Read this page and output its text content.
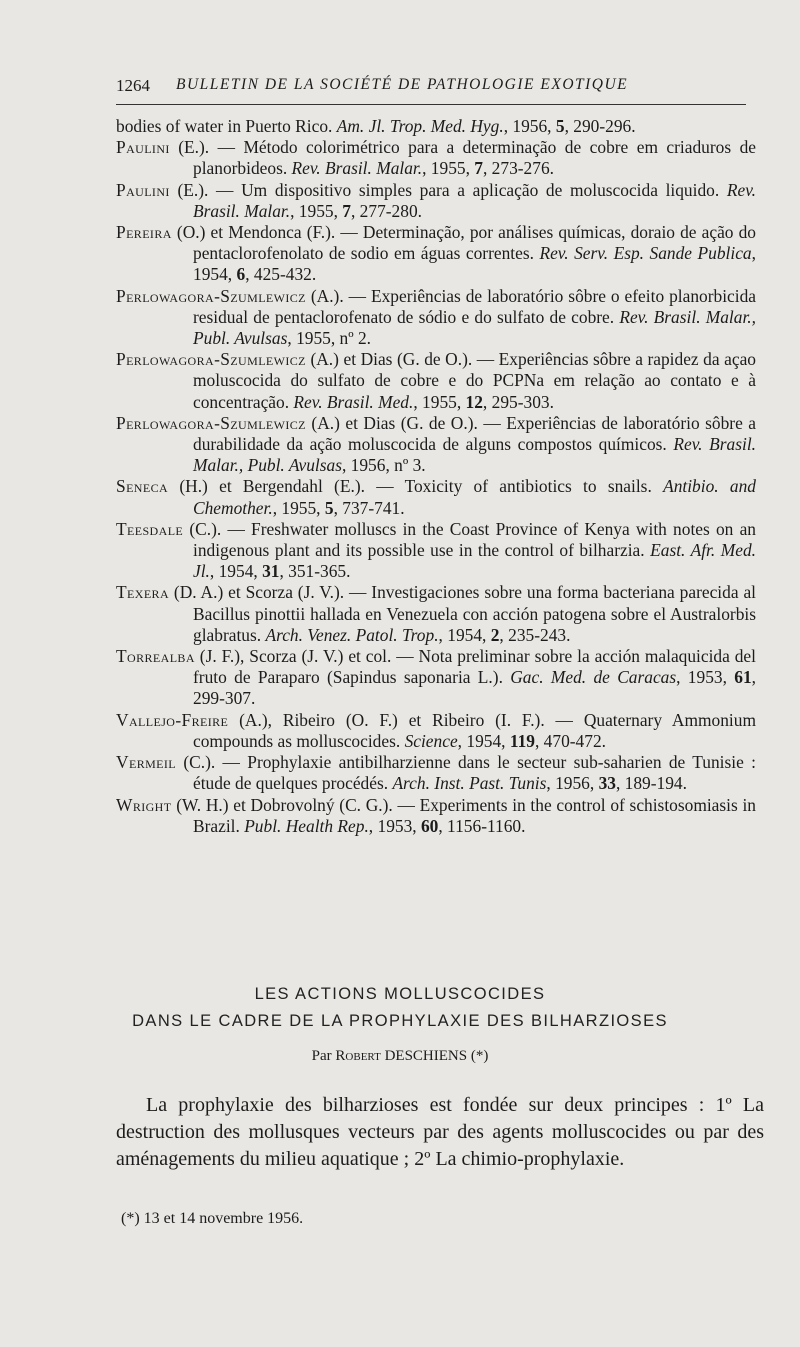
1264 BULLETIN DE LA SOCIÉTÉ DE PATHOLOGIE EXOTIQUE
bodies of water in Puerto Rico. Am. Jl. Trop. Med. Hyg., 1956, 5, 290-296.
Paulini (E.). — Método colorimétrico para a determinação de cobre em criaduros de planorbideos. Rev. Brasil. Malar., 1955, 7, 273-276.
Paulini (E.). — Um dispositivo simples para a aplicação de moluscocida liquido. Rev. Brasil. Malar., 1955, 7, 277-280.
Pereira (O.) et Mendonca (F.). — Determinação, por análises químicas, doraio de ação do pentaclorofenolato de sodio em águas correntes. Rev. Serv. Esp. Sande Publica, 1954, 6, 425-432.
Perlowagora-Szumlewicz (A.). — Experiências de laboratório sôbre o efeito planorbicida residual de pentaclorofenato de sódio e do sulfato de cobre. Rev. Brasil. Malar., Publ. Avulsas, 1955, nº 2.
Perlowagora-Szumlewicz (A.) et Dias (G. de O.). — Experiências sôbre a rapidez da açao moluscocida do sulfato de cobre e do PCPNa em relação ao contato e à concentração. Rev. Brasil. Med., 1955, 12, 295-303.
Perlowagora-Szumlewicz (A.) et Dias (G. de O.). — Experiências de laboratório sôbre a durabilidade da ação moluscocida de alguns compostos químicos. Rev. Brasil. Malar., Publ. Avulsas, 1956, nº 3.
Seneca (H.) et Bergendahl (E.). — Toxicity of antibiotics to snails. Antibio. and Chemother., 1955, 5, 737-741.
Teesdale (C.). — Freshwater molluscs in the Coast Province of Kenya with notes on an indigenous plant and its possible use in the control of bilharzia. East. Afr. Med. Jl., 1954, 31, 351-365.
Texera (D. A.) et Scorza (J. V.). — Investigaciones sobre una forma bacteriana parecida al Bacillus pinottii hallada en Venezuela con acción patogena sobre el Australorbis glabratus. Arch. Venez. Patol. Trop., 1954, 2, 235-243.
Torrealba (J. F.), Scorza (J. V.) et col. — Nota preliminar sobre la acción malaquicida del fruto de Paraparo (Sapindus saponaria L.). Gac. Med. de Caracas, 1953, 61, 299-307.
Vallejo-Freire (A.), Ribeiro (O. F.) et Ribeiro (I. F.). — Quaternary Ammonium compounds as molluscocides. Science, 1954, 119, 470-472.
Vermeil (C.). — Prophylaxie antibilharzienne dans le secteur sub-saharien de Tunisie : étude de quelques procédés. Arch. Inst. Past. Tunis, 1956, 33, 189-194.
Wright (W. H.) et Dobrovolný (C. G.). — Experiments in the control of schistosomiasis in Brazil. Publ. Health Rep., 1953, 60, 1156-1160.
LES ACTIONS MOLLUSCOCIDES
DANS LE CADRE DE LA PROPHYLAXIE DES BILHARZIOSES
Par Robert DESCHIENS (*)
La prophylaxie des bilharzioses est fondée sur deux principes : 1º La destruction des mollusques vecteurs par des agents molluscocides ou par des aménagements du milieu aquatique ; 2º La chimio-prophylaxie.
(*) 13 et 14 novembre 1956.
